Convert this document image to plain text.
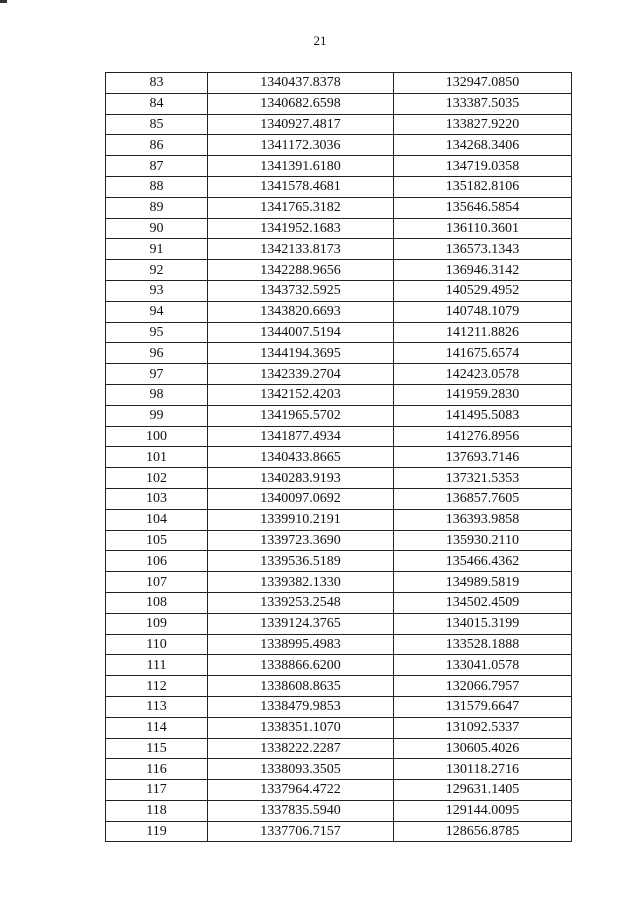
21
83	1340437.8378	132947.0850
84	1340682.6598	133387.5035
85	1340927.4817	133827.9220
86	1341172.3036	134268.3406
87	1341391.6180	134719.0358
88	1341578.4681	135182.8106
89	1341765.3182	135646.5854
90	1341952.1683	136110.3601
91	1342133.8173	136573.1343
92	1342288.9656	136946.3142
93	1343732.5925	140529.4952
94	1343820.6693	140748.1079
95	1344007.5194	141211.8826
96	1344194.3695	141675.6574
97	1342339.2704	142423.0578
98	1342152.4203	141959.2830
99	1341965.5702	141495.5083
100	1341877.4934	141276.8956
101	1340433.8665	137693.7146
102	1340283.9193	137321.5353
103	1340097.0692	136857.7605
104	1339910.2191	136393.9858
105	1339723.3690	135930.2110
106	1339536.5189	135466.4362
107	1339382.1330	134989.5819
108	1339253.2548	134502.4509
109	1339124.3765	134015.3199
110	1338995.4983	133528.1888
111	1338866.6200	133041.0578
112	1338608.8635	132066.7957
113	1338479.9853	131579.6647
114	1338351.1070	131092.5337
115	1338222.2287	130605.4026
116	1338093.3505	130118.2716
117	1337964.4722	129631.1405
118	1337835.5940	129144.0095
119	1337706.7157	128656.8785
